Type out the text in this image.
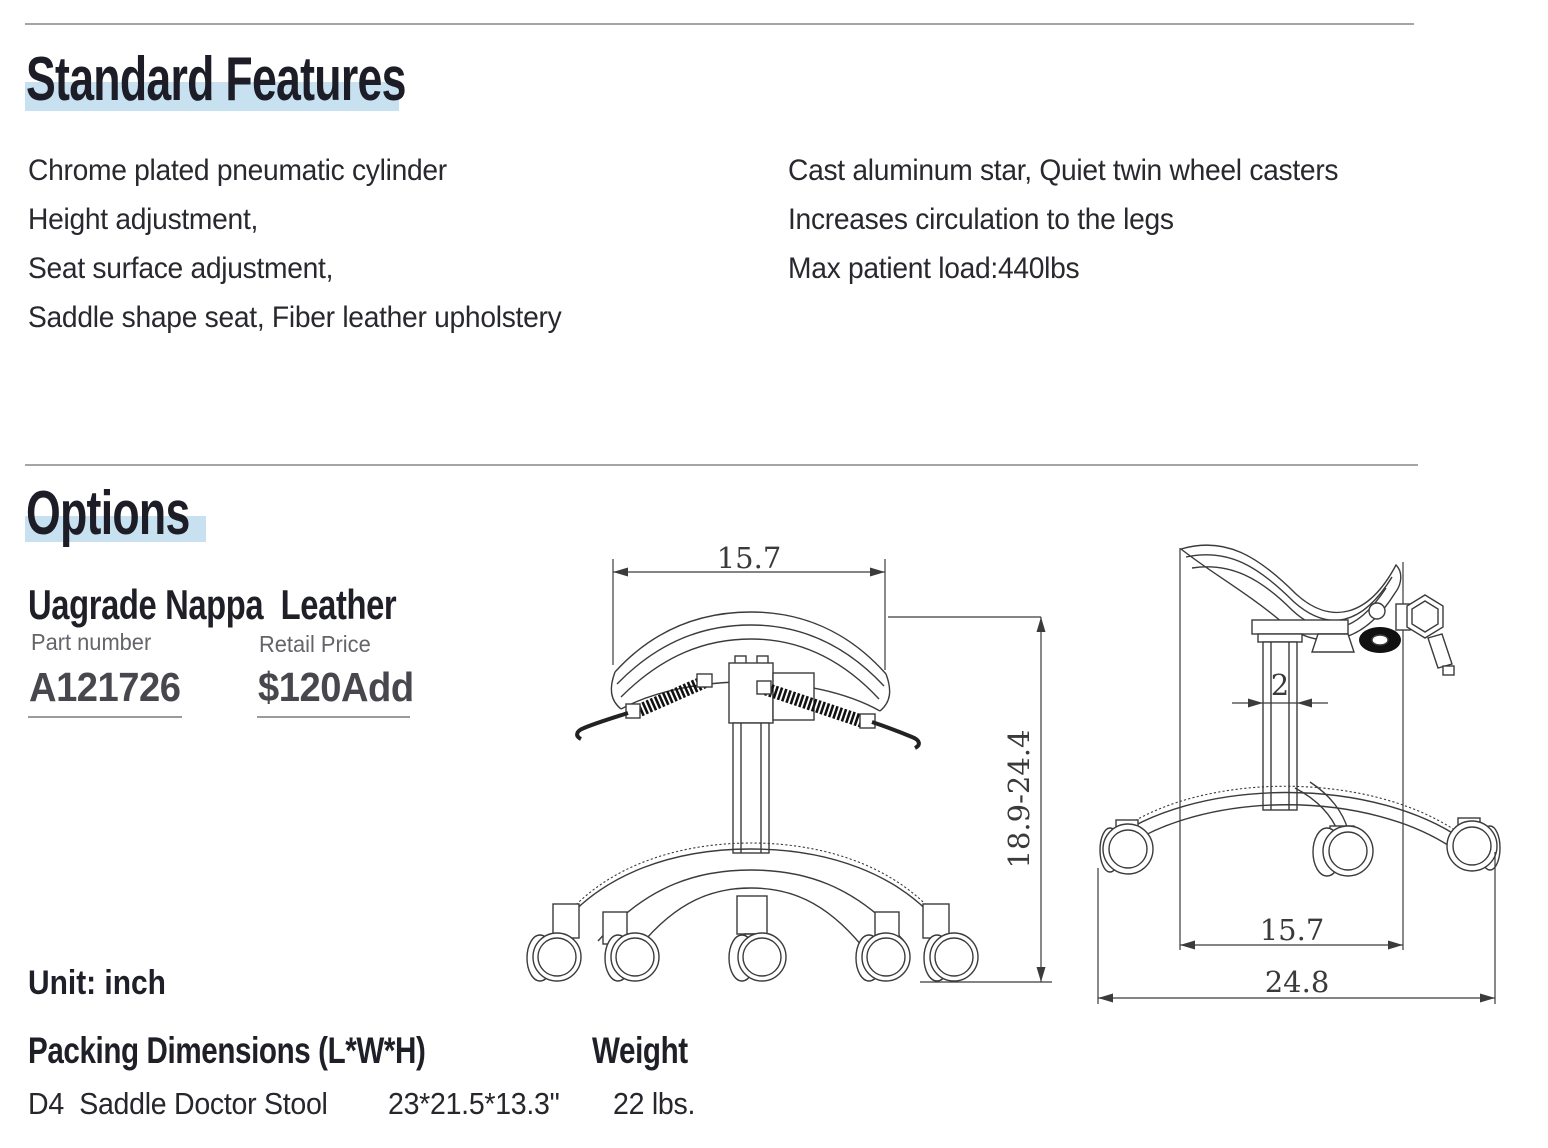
Standard Features
Chrome plated pneumatic cylinder
Height adjustment,
Seat surface adjustment,
Saddle shape seat, Fiber leather upholstery
Cast aluminum star, Quiet twin wheel casters
Increases circulation to the legs
Max patient load:440lbs
Options
Uagrade Nappa  Leather
Part number	Retail Price
A121726 $120Add
15.7
18.9-24.4
2
15.7
24.8
Unit: inch
Packing Dimensions (L*W*H)	Weight
D4  Saddle Doctor Stool 23*21.5*13.3" 22 lbs.
